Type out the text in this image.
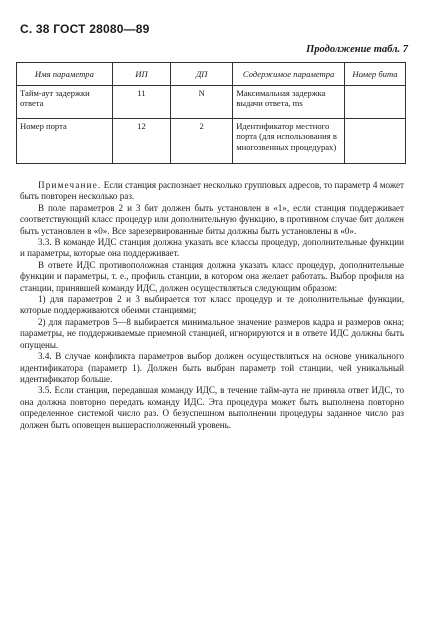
С. 38 ГОСТ 28080—89
Продолжение табл. 7
Имя параметра	ИП	ДП	Содержимое параметра	Номер бита
Тайм-аут задержки ответа	11	N	Максимальная задержка выдачи ответа, ms	
Номер порта	12	2	Идентификатор местного порта (для использования в многозвенных процедурах)	

Примечание. Если станция распознает несколько групповых адресов, то параметр 4 может быть повторен несколько раз.

В поле параметров 2 и 3 бит должен быть установлен в «1», если станция поддерживает соответствующий класс процедур или дополнительную функцию, в противном случае бит должен быть установлен в «0». Все зарезервированные биты должны быть установлены в «0».

3.3. В команде ИДС станция должна указать все классы процедур, дополнительные функции и параметры, которые она поддерживает.

В ответе ИДС противоположная станция должна указать класс процедур, дополнительные функции и параметры, т. е., профиль станции, в котором она желает работать. Выбор профиля на станции, принявшей команду ИДС, должен осуществляться следующим образом:

1) для параметров 2 и 3 выбирается тот класс процедур и те дополнительные функции, которые поддерживаются обеими станциями;

2) для параметров 5—8 выбирается минимальное значение размеров кадра и размеров окна; параметры, не поддерживаемые приемной станцией, игнорируются и в ответе ИДС должны быть опущены.

3.4. В случае конфликта параметров выбор должен осуществляться на основе уникального идентификатора (параметр 1). Должен быть выбран параметр той станции, чей уникальный идентификатор больше.

3.5. Если станция, передавшая команду ИДС, в течение тайм-аута не приняла ответ ИДС, то она должна повторно передать команду ИДС. Эта процедура может быть выполнена повторно определенное системой число раз. О безуспешном выполнении процедуры заданное число раз должен быть оповещен вышерасположенный уровень.
